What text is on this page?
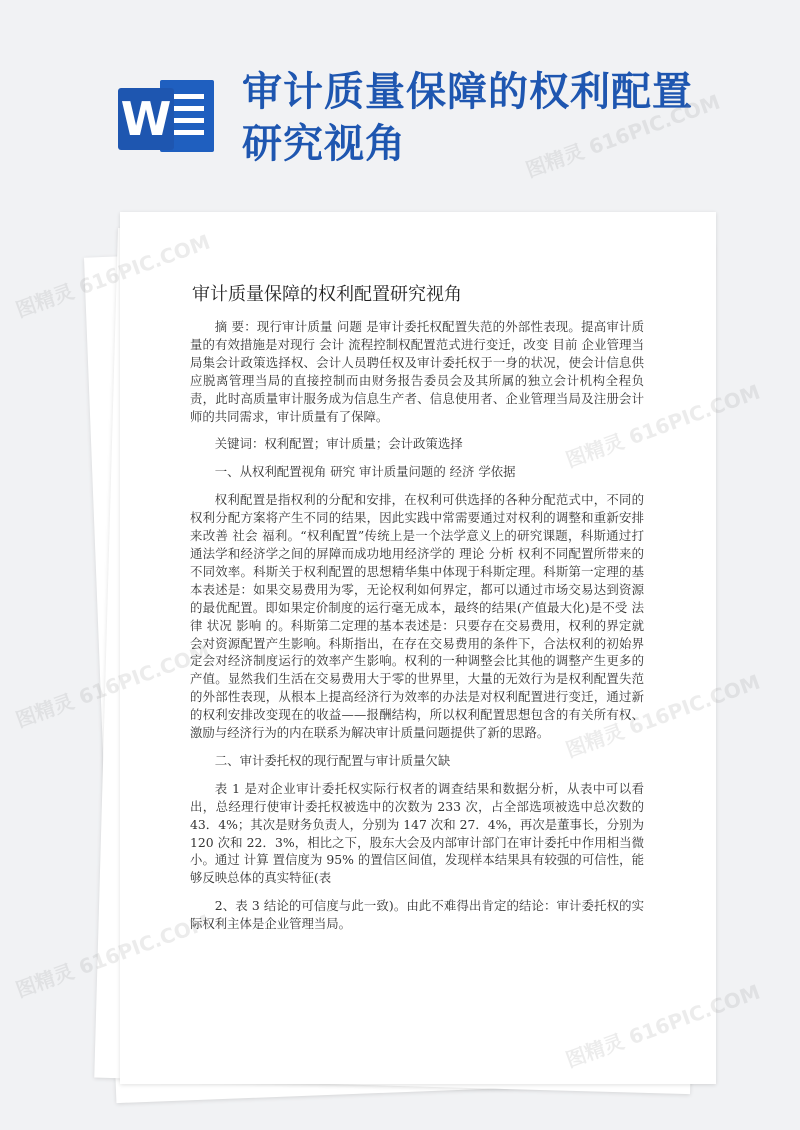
W
审计质量保障的权利配置研究视角
审计质量保障的权利配置研究视角

摘 要：现行审计质量 问题 是审计委托权配置失范的外部性表现。提高审计质量的有效措施是对现行 会计 流程控制权配置范式进行变迁，改变 目前 企业管理当局集会计政策选择权、会计人员聘任权及审计委托权于一身的状况，使会计信息供应脱离管理当局的直接控制而由财务报告委员会及其所属的独立会计机构全程负责，此时高质量审计服务成为信息生产者、信息使用者、企业管理当局及注册会计师的共同需求，审计质量有了保障。

关键词：权利配置；审计质量；会计政策选择

一、从权利配置视角 研究 审计质量问题的 经济 学依据

权利配置是指权利的分配和安排，在权利可供选择的各种分配范式中，不同的权利分配方案将产生不同的结果，因此实践中常需要通过对权利的调整和重新安排来改善 社会 福利。“权利配置”传统上是一个法学意义上的研究课题，科斯通过打通法学和经济学之间的屏障而成功地用经济学的 理论 分析 权利不同配置所带来的不同效率。科斯关于权利配置的思想精华集中体现于科斯定理。科斯第一定理的基本表述是：如果交易费用为零，无论权利如何界定，都可以通过市场交易达到资源的最优配置。即如果定价制度的运行毫无成本，最终的结果(产值最大化)是不受 法律 状况 影响 的。科斯第二定理的基本表述是：只要存在交易费用，权利的界定就会对资源配置产生影响。科斯指出，在存在交易费用的条件下，合法权利的初始界定会对经济制度运行的效率产生影响。权利的一种调整会比其他的调整产生更多的产值。显然我们生活在交易费用大于零的世界里，大量的无效行为是权利配置失范的外部性表现，从根本上提高经济行为效率的办法是对权利配置进行变迁，通过新的权利安排改变现在的收益——报酬结构，所以权利配置思想包含的有关所有权、激励与经济行为的内在联系为解决审计质量问题提供了新的思路。

二、审计委托权的现行配置与审计质量欠缺

表 1 是对企业审计委托权实际行权者的调查结果和数据分析，从表中可以看出，总经理行使审计委托权被选中的次数为 233 次，占全部选项被选中总次数的 43．4%；其次是财务负责人，分别为 147 次和 27．4%，再次是董事长，分别为 120 次和 22．3%，相比之下，股东大会及内部审计部门在审计委托中作用相当微小。通过 计算 置信度为 95% 的置信区间值，发现样本结果具有较强的可信性，能够反映总体的真实特征(表

2、表 3 结论的可信度与此一致)。由此不难得出肯定的结论：审计委托权的实际权利主体是企业管理当局。

图精灵 616PIC.COM
图精灵
图精灵
图精灵
